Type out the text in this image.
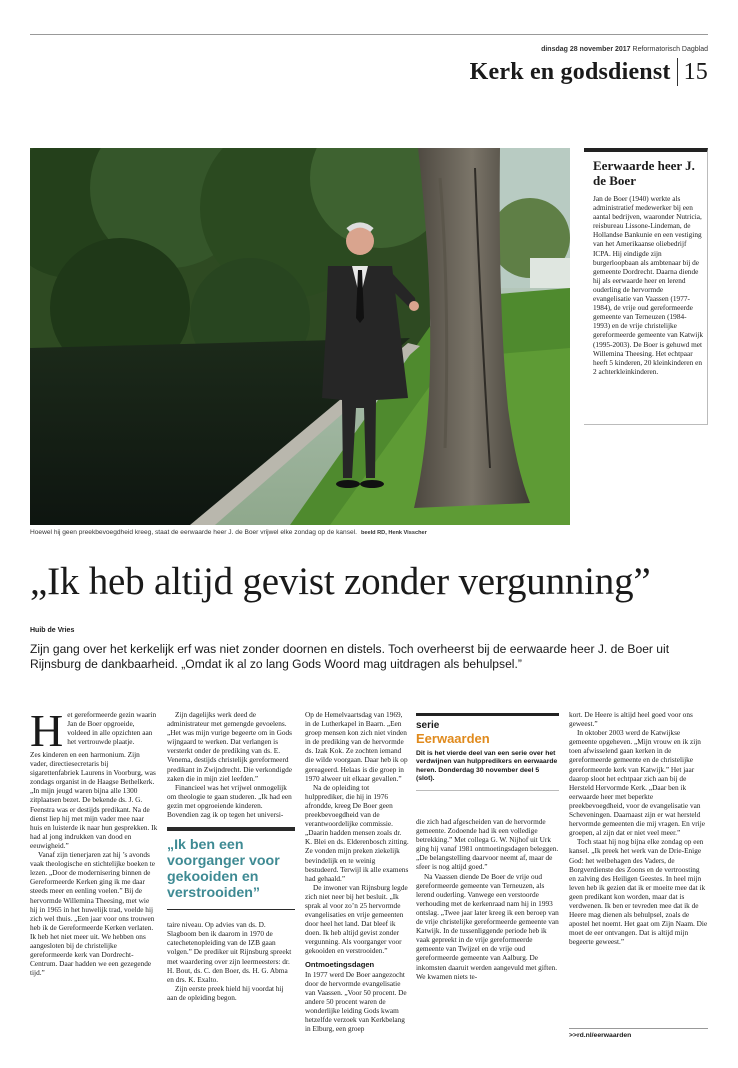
dinsdag 28 november 2017 Reformatorisch Dagblad
Kerk en godsdienst 15
Hoewel hij geen preekbevoegdheid kreeg, staat de eerwaarde heer J. de Boer vrijwel elke zondag op de kansel. beeld RD, Henk Visscher
Eerwaarde heer J. de Boer

Jan de Boer (1940) werkte als administratief medewerker bij een aantal bedrijven, waaronder Nutricia, reisbureau Lissone-Lindeman, de Hollandse Bankunie en een vestiging van het Amerikaanse oliebedrijf ICPA. Hij eindigde zijn burgerloopbaan als ambtenaar bij de gemeente Dordrecht. Daarna diende hij als eerwaarde heer en lerend ouderling de hervormde evangelisatie van Vaassen (1977-1984), de vrije oud gereformeerde gemeente van Terneuzen (1984-1993) en de vrije christelijke gereformeerde gemeente van Katwijk (1995-2003). De Boer is gehuwd met Willemina Theesing. Het echtpaar heeft 5 kinderen, 20 kleinkinderen en 2 achterkleinkinderen.

„Ik heb altijd gevist zonder vergunning”
Huib de Vries
Zijn gang over het kerkelijk erf was niet zonder doornen en distels. Toch overheerst bij de eerwaarde heer J. de Boer uit Rijnsburg de dankbaarheid. „Omdat ik al zo lang Gods Woord mag uitdragen als behulpsel.”
H et gereformeerde gezin waarin Jan de Boer opgroeide, voldeed in alle opzichten aan het vertrouwde plaatje.

Zes kinderen en een harmonium. Zijn vader, directiesecretaris bij sigarettenfabriek Laurens in Voorburg, was zondags organist in de Haagse Bethelkerk. „In mijn jeugd waren bijna alle 1300 zitplaatsen bezet. De bekende ds. J. G. Feenstra was er destijds predikant. Na de dienst liep hij met mijn vader mee naar huis en luisterde ik naar hun gesprekken. Ik had al jong indrukken van dood en eeuwigheid.”

Vanaf zijn tienerjaren zat hij ’s avonds vaak theologische en stichtelijke boeken te lezen. „Door de modernisering binnen de Gereformeerde Kerken ging ik me daar steeds meer en eenling voelen.” Bij de hervormde Willemina Theesing, met wie hij in 1965 in het huwelijk trad, voelde hij zich wel thuis. „Een jaar voor ons trouwen heb ik de Gereformeerde Kerken verlaten. Ik heb het niet meer uit. We hebben ons aangesloten bij de christelijke gereformeerde kerk van Dordrecht-Centrum. Daar hadden we een gezegende tijd.”

Zijn dagelijks werk deed de administrateur met gemengde gevoelens. „Het was mijn vurige begeerte om in Gods wijngaard te werken. Dat verlangen is versterkt onder de prediking van ds. E. Venema, destijds christelijk gereformeerd predikant in Zwijndrecht. Die verkondigde zaken die in mijn ziel leefden.”

Financieel was het vrijwel onmogelijk om theologie te gaan studeren. „Ik had een gezin met opgroeiende kinderen. Bovendien zag ik op tegen het universi-

„Ik ben een voorganger voor gekooiden en verstrooiden”

taire niveau. Op advies van ds. D. Slagboom ben ik daarom in 1970 de catechetenopleiding van de IZB gaan volgen.” De prediker uit Rijnsburg spreekt met waardering over zijn leermeesters: dr. H. Bout, ds. C. den Boer, ds. H. G. Abma en drs. K. Exalto.

Zijn eerste preek hield hij voordat hij aan de opleiding begon.

Op de Hemelvaartsdag van 1969, in de Lutherkapel in Baarn. „Een groep mensen kon zich niet vinden in de prediking van de hervormde ds. Izak Kok. Ze zochten iemand die wilde voorgaan. Daar heb ik op gereageerd. Helaas is die groep in 1970 alweer uit elkaar gevallen.”

Na de opleiding tot hulpprediker, die hij in 1976 afrondde, kreeg De Boer geen preekbevoegdheid van de verantwoordelijke commissie. „Daarin hadden mensen zoals dr. K. Blei en ds. Elderenbosch zitting. Ze vonden mijn preken ziekelijk bevindelijk en te weinig bestudeerd. Terwijl ik alle examens had gehaald.”

De inwoner van Rijnsburg legde zich niet neer bij het besluit. „Ik sprak al voor zo’n 25 hervormde evangelisaties en vrije gemeenten door heel het land. Dat bleef ik doen. Ik heb altijd gevist zonder vergunning. Als voorganger voor gekooiden en verstrooiden.”

Ontmoetingsdagen

In 1977 werd De Boer aangezocht door de hervormde evangelisatie van Vaassen. „Voor 50 procent. De andere 50 procent waren de wonderlijke leiding Gods kwam hetzelfde verzoek van Kerkbelang in Elburg, een groep

serie
Eerwaarden
Dit is het vierde deel van een serie over het verdwijnen van hulppredikers en eerwaarde heren. Donderdag 30 november deel 5 (slot).

die zich had afgescheiden van de hervormde gemeente. Zodoende had ik een volledige betrekking.” Met collega G. W. Nijhof uit Urk ging hij vanaf 1981 ontmoetingsdagen beleggen. „De belangstelling daarvoor neemt af, maar de sfeer is nog altijd goed.”

Na Vaassen diende De Boer de vrije oud gereformeerde gemeente van Terneuzen, als lerend ouderling. Vanwege een verstoorde verhouding met de kerkenraad nam hij in 1993 ontslag. „Twee jaar later kreeg ik een beroep van de vrije christelijke gereformeerde gemeente van Katwijk. In de tussenliggende periode heb ik vaak gepreekt in de vrije gereformeerde gemeente van Twijzel en de vrije oud gereformeerde gemeente van Aalburg. De inkomsten daaruit werden aangevuld met giften. We kwamen niets te-

kort. De Heere is altijd heel goed voor ons geweest.”

In oktober 2003 werd de Katwijkse gemeente opgeheven. „Mijn vrouw en ik zijn toen afwisselend gaan kerken in de gereformeerde gemeente en de christelijke gereformeerde kerk van Katwijk.” Het jaar daarop sloot het echtpaar zich aan bij de Hersteld Hervormde Kerk. „Daar ben ik eerwaarde heer met beperkte preekbevoegdheid, voor de evangelisatie van Scheveningen. Daarnaast zijn er wat hersteld hervormde gemeenten die mij vragen. En vrije groepen, al zijn dat er niet veel meer.”

Toch staat hij nog bijna elke zondag op een kansel. „Ik preek het werk van de Drie-Enige God: het welbehagen des Vaders, de Borgverdienste des Zoons en de vertroosting en zalving des Heiligen Geestes. In heel mijn leven heb ik gezien dat ik er moeite mee dat ik geen predikant kon worden, maar dat is verdwenen. Ik ben er tevreden mee dat ik de Heere mag dienen als behulpsel, zoals de apostel het noemt. Het gaat om Zijn Naam. Die moet de eer ontvangen. Dat is altijd mijn begeerte geweest.”

>>rd.nl/eerwaarden
